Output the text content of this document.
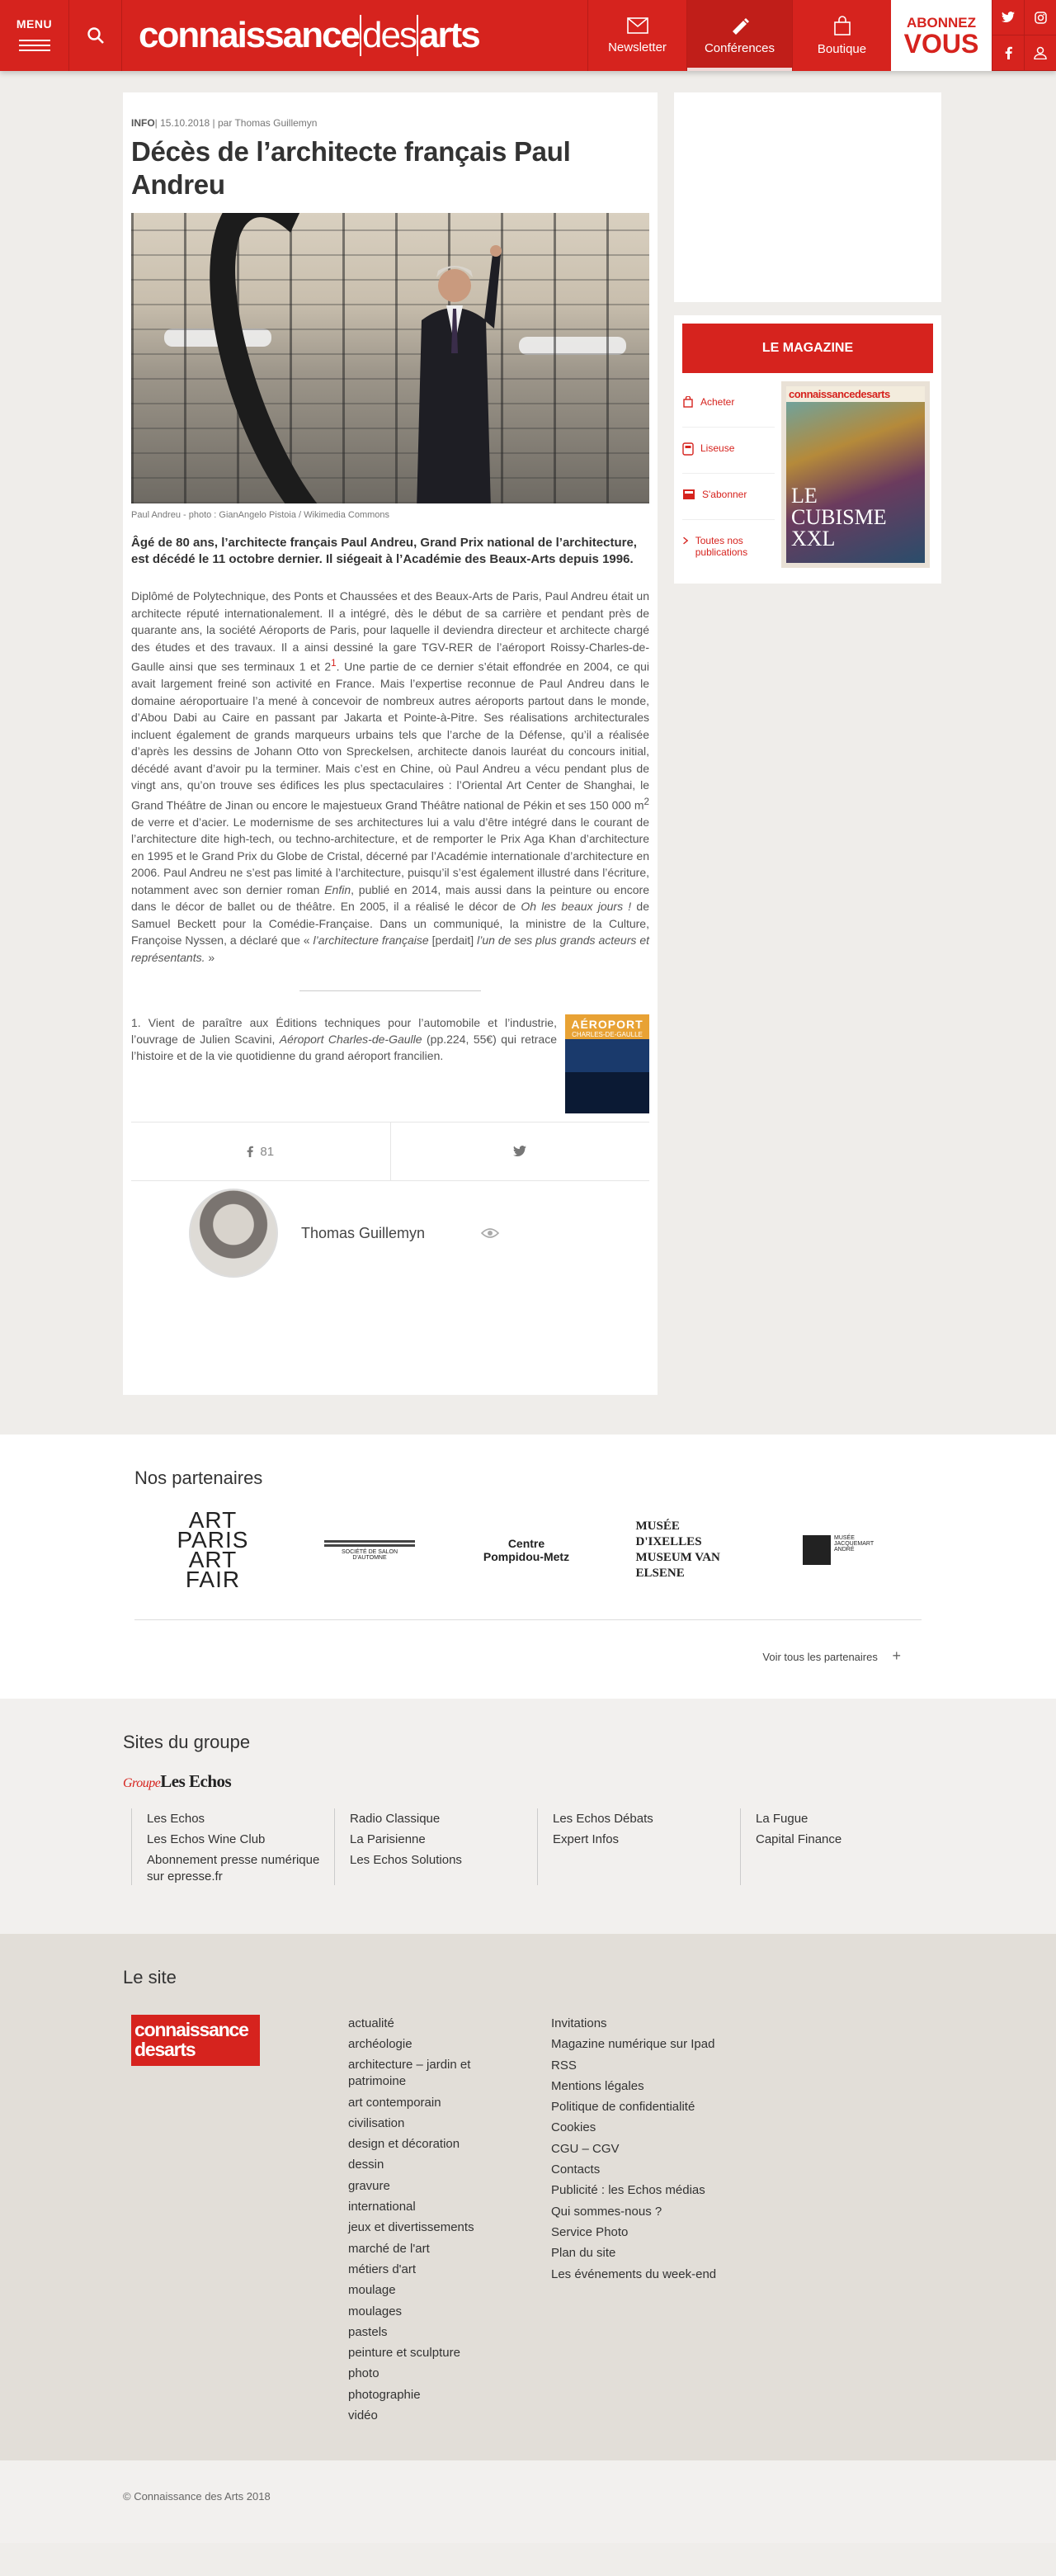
MENU connaissance des arts	Newsletter	Conférences	Boutique
ABONNEZ
VOUS
INFO| 15.10.2018 | par Thomas Guillemyn
Décès de l’architecte français Paul Andreu
Paul Andreu - photo : GianAngelo Pistoia / Wikimedia Commons

Âgé de 80 ans, l’architecte français Paul Andreu, Grand Prix national de l’architecture, est décédé le 11 octobre dernier. Il siégeait à l’Académie des Beaux-Arts depuis 1996.

Diplômé de Polytechnique, des Ponts et Chaussées et des Beaux-Arts de Paris, Paul Andreu était un architecte réputé internationalement. Il a intégré, dès le début de sa carrière et pendant près de quarante ans, la société Aéroports de Paris, pour laquelle il deviendra directeur et architecte chargé des études et des travaux. Il a ainsi dessiné la gare TGV-RER de l’aéroport Roissy-Charles-de-Gaulle ainsi que ses terminaux 1 et $2^1$. Une partie de ce dernier s’était effondrée en 2004, ce qui avait largement freiné son activité en France. Mais l’expertise reconnue de Paul Andreu dans le domaine aéroportuaire l’a mené à concevoir de nombreux autres aéroports partout dans le monde, d’Abou Dabi au Caire en passant par Jakarta et Pointe-à-Pitre. Ses réalisations architecturales incluent également de grands marqueurs urbains tels que l’arche de la Défense, qu’il a réalisée d’après les dessins de Johann Otto von Spreckelsen, architecte danois lauréat du concours initial, décédé avant d’avoir pu la terminer. Mais c’est en Chine, où Paul Andreu a vécu pendant plus de vingt ans, qu’on trouve ses édifices les plus spectaculaires : l’Oriental Art Center de Shanghai, le Grand Théâtre de Jinan ou encore le majestueux Grand Théâtre national de Pékin et ses 150 000 $m^2$ de verre et d’acier. Le modernisme de ses architectures lui a valu d’être intégré dans le courant de l’architecture dite high-tech, ou techno-architecture, et de remporter le Prix Aga Khan d’architecture en 1995 et le Grand Prix du Globe de Cristal, décerné par l’Académie internationale d’architecture en 2006. Paul Andreu ne s’est pas limité à l’architecture, puisqu’il s’est également illustré dans l’écriture, notamment avec son dernier roman Enfin, publié en 2014, mais aussi dans la peinture ou encore dans le décor de ballet ou de théâtre. En 2005, il a réalisé le décor de Oh les beaux jours ! de Samuel Beckett pour la Comédie-Française. Dans un communiqué, la ministre de la Culture, Françoise Nyssen, a déclaré que « l’architecture française [perdait] l’un de ses plus grands acteurs et représentants. »

1. Vient de paraître aux Éditions techniques pour l’automobile et l’industrie, l’ouvrage de Julien Scavini, Aéroport Charles-de-Gaulle (pp.224, 55€) qui retrace l’histoire et de la vie quotidienne du grand aéroport francilien.

AÉROPORT
CHARLES-DE-GAULLE
81
Thomas Guillemyn
LE MAGAZINE
Acheter
Liseuse
S'abonner
Toutes nos publications
connaissancedesarts
LE
CUBISME
XXL
Nos partenaires
ART PARIS ART FAIR
SOCIÉTÉ DE SALON D'AUTOMNE
Centre Pompidou-Metz
MUSÉE D'IXELLES MUSEUM VAN ELSENE
MUSÉE JACQUEMART ANDRÉ
Voir tous les partenaires +
Sites du groupe
GroupeLes Echos
Les Echos
Les Echos Wine Club
Abonnement presse numérique sur epresse.fr
Radio Classique
La Parisienne
Les Echos Solutions
Les Echos Débats
Expert Infos
La Fugue
Capital Finance
Le site
connaissance
desarts
actualité
archéologie
architecture – jardin et patrimoine
art contemporain
civilisation
design et décoration
dessin
gravure
international
jeux et divertissements
marché de l'art
métiers d'art
moulage
moulages
pastels
peinture et sculpture
photo
photographie
vidéo
Invitations
Magazine numérique sur Ipad
RSS
Mentions légales
Politique de confidentialité
Cookies
CGU – CGV
Contacts
Publicité : les Echos médias
Qui sommes-nous ?
Service Photo
Plan du site
Les événements du week-end
© Connaissance des Arts 2018
